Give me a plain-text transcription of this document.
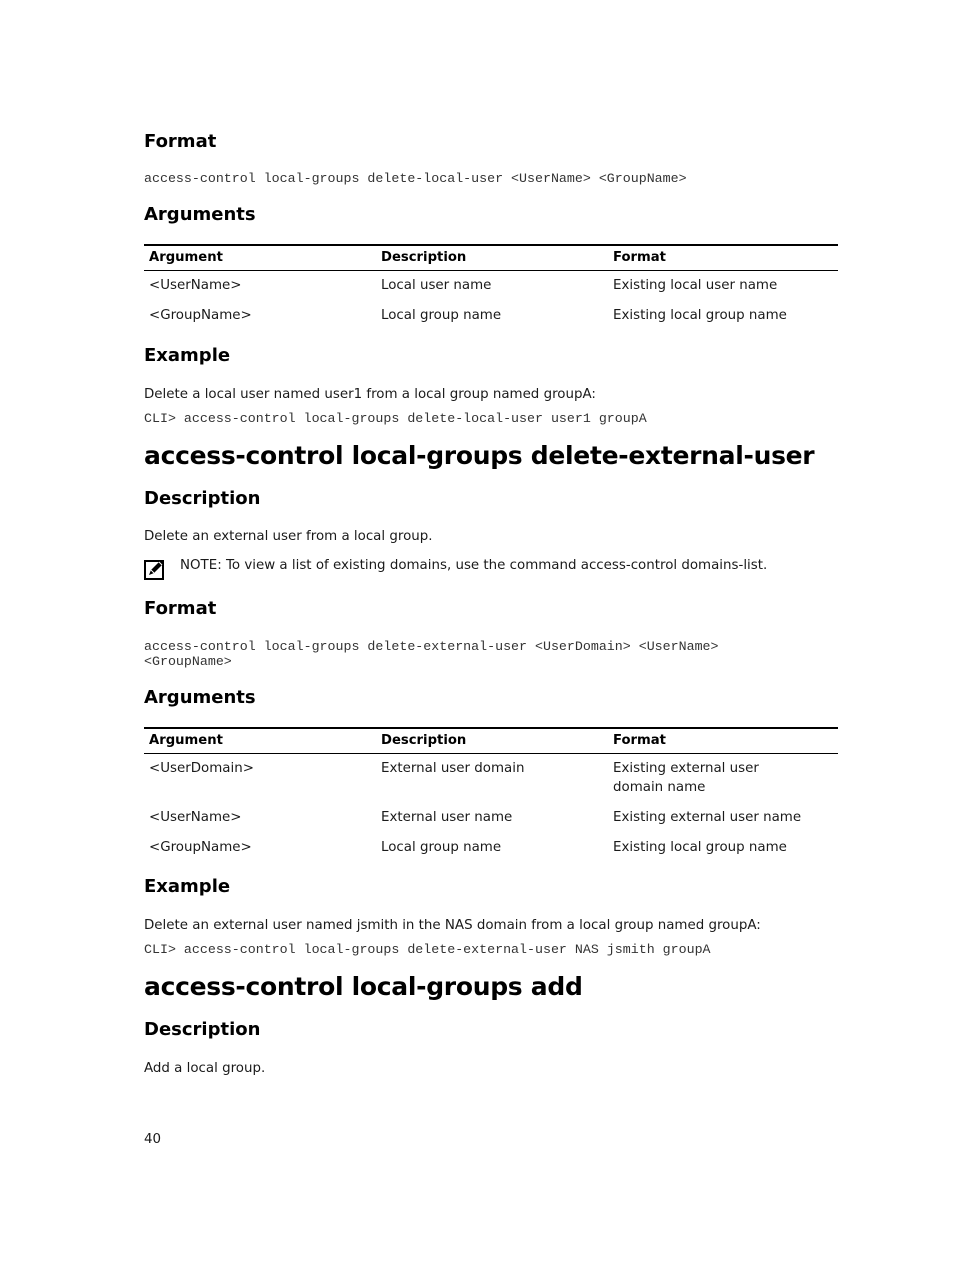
Format
access-control local-groups delete-local-user <UserName> <GroupName>
Arguments
Argument	Description	Format
<UserName>	Local user name	Existing local user name
<GroupName>	Local group name	Existing local group name
Example
Delete a local user named user1 from a local group named groupA:
CLI> access-control local-groups delete-local-user user1 groupA
access-control local-groups delete-external-user
Description
Delete an external user from a local group.
NOTE: To view a list of existing domains, use the command access-control domains-list.
Format
access-control local-groups delete-external-user <UserDomain> <UserName>
<GroupName>
Arguments
Argument	Description	Format
<UserDomain>	External user domain	Existing external user domain name
<UserName>	External user name	Existing external user name
<GroupName>	Local group name	Existing local group name
Example
Delete an external user named jsmith in the NAS domain from a local group named groupA:
CLI> access-control local-groups delete-external-user NAS jsmith groupA
access-control local-groups add
Description
Add a local group.
40
